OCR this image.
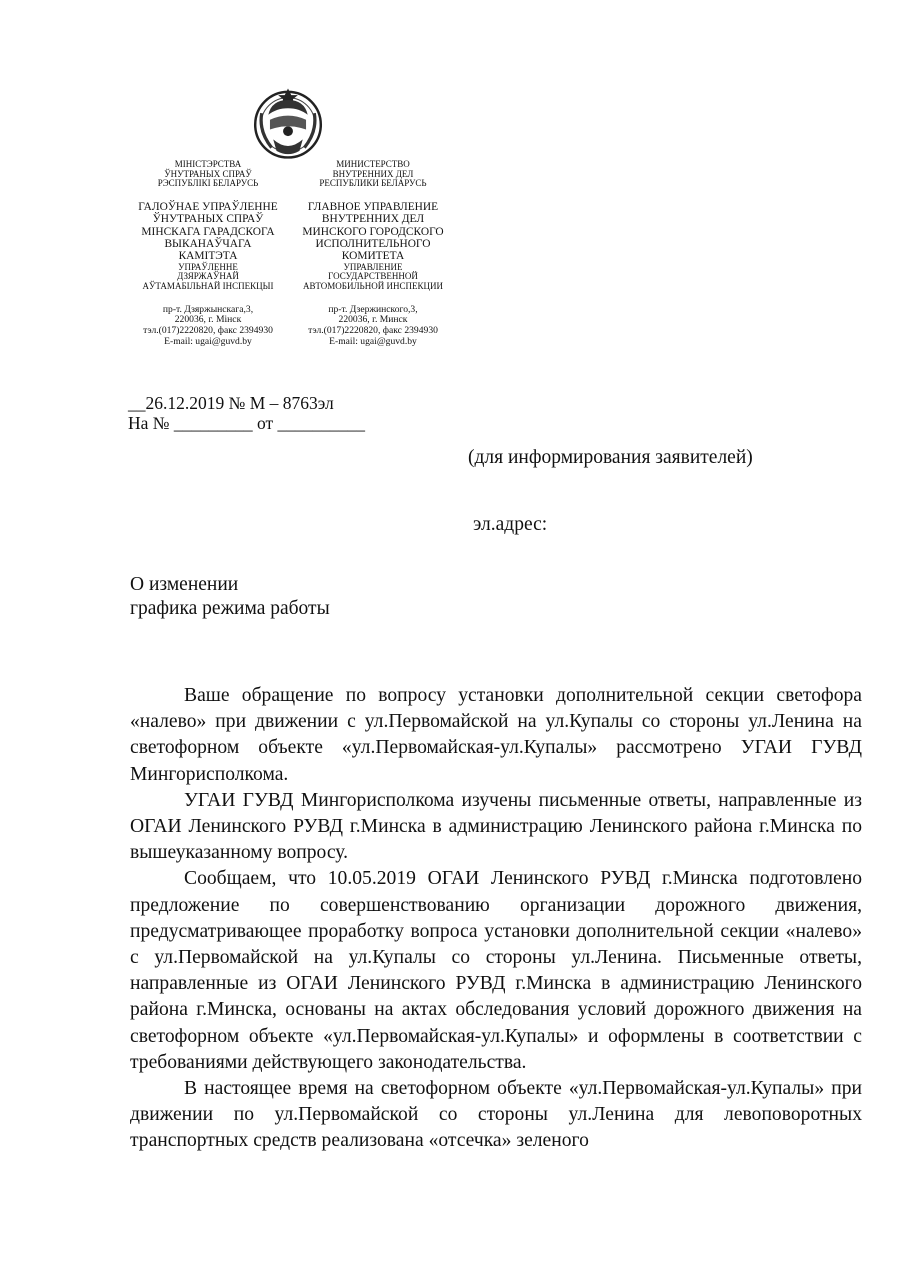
МІНІСТЭРСТВА
ЎНУТРАНЫХ СПРАЎ
РЭСПУБЛІКІ БЕЛАРУСЬ
ГАЛОЎНАЕ УПРАЎЛЕННЕ
ЎНУТРАНЫХ СПРАЎ
МІНСКАГА ГАРАДСКОГА
ВЫКАНАЎЧАГА
КАМІТЭТА
УПРАЎЛЕННЕ
ДЗЯРЖАЎНАЙ
АЎТАМАБІЛЬНАЙ ІНСПЕКЦЫІ
пр-т. Дзяржынскага,3,
220036, г. Мінск
тэл.(017)2220820, факс 2394930
E-mail: ugai@guvd.by
МИНИСТЕРСТВО
ВНУТРЕННИХ ДЕЛ
РЕСПУБЛИКИ БЕЛАРУСЬ
ГЛАВНОЕ УПРАВЛЕНИЕ
ВНУТРЕННИХ ДЕЛ
МИНСКОГО ГОРОДСКОГО
ИСПОЛНИТЕЛЬНОГО
КОМИТЕТА
УПРАВЛЕНИЕ
ГОСУДАРСТВЕННОЙ
АВТОМОБИЛЬНОЙ ИНСПЕКЦИИ
пр-т. Дзержинского,3,
220036, г. Минск
тэл.(017)2220820, факс 2394930
E-mail: ugai@guvd.by
__26.12.2019 № М – 8763эл
На № _________ от __________
(для информирования заявителей)
эл.адрес:
О изменении
графика режима работы

Ваше обращение по вопросу установки дополнительной секции светофора «налево» при движении с ул.Первомайской на ул.Купалы со стороны ул.Ленина на светофорном объекте «ул.Первомайская-ул.Купалы» рассмотрено УГАИ ГУВД Мингорисполкома.

УГАИ ГУВД Мингорисполкома изучены письменные ответы, направленные из ОГАИ Ленинского РУВД г.Минска в администрацию Ленинского района г.Минска по вышеуказанному вопросу.

Сообщаем, что 10.05.2019 ОГАИ Ленинского РУВД г.Минска подготовлено предложение по совершенствованию организации дорожного движения, предусматривающее проработку вопроса установки дополнительной секции «налево» с ул.Первомайской на ул.Купалы со стороны ул.Ленина. Письменные ответы, направленные из ОГАИ Ленинского РУВД г.Минска в администрацию Ленинского района г.Минска, основаны на актах обследования условий дорожного движения на светофорном объекте «ул.Первомайская-ул.Купалы» и оформлены в соответствии с требованиями действующего законодательства.

В настоящее время на светофорном объекте «ул.Первомайская-ул.Купалы» при движении по ул.Первомайской со стороны ул.Ленина для левоповоротных транспортных средств реализована «отсечка» зеленого
